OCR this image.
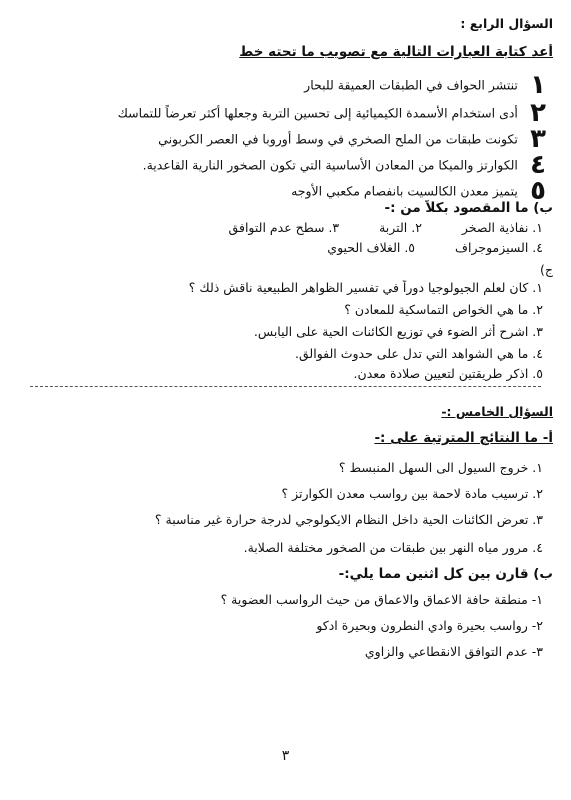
السؤال الرابع :
أعد كتابة العبارات التالية مع تصويب ما تحته خط
١ تنتشر الحواف في الطبقات العميقة للبحار
٢ أدى استخدام الأسمدة الكيميائية إلى تحسين التربة وجعلها أكثر تعرضاً للتماسك
٣ تكونت طبقات من الملح الصخري في وسط أوروبا في العصر الكربوني
٤ الكوارتز والميكا من المعادن الأساسية التي تكون الصخور النارية القاعدية.
٥ يتميز معدن الكالسيت بانفصام مكعبي الأوجه
ب) ما المقصود بكلاً من :-
١. نفاذية الصخر
٢. التربة
٣. سطح عدم التوافق
٤. السيزموجراف
٥. الغلاف الحيوي
ج)
١. كان لعلم الجيولوجيا دوراً في تفسير الظواهر الطبيعية ناقش ذلك ؟
٢. ما هي الخواص التماسكية للمعادن ؟
٣. اشرح أثر الضوء في توزيع الكائنات الحية على اليابس.
٤. ما هي الشواهد التي تدل على حدوث الفوالق.
٥. اذكر طريقتين لتعيين صلادة معدن.
السؤال الخامس :-
أ- ما النتائج المترتبة على :-
١. خروج السيول الى السهل المنبسط ؟
٢. ترسيب مادة لاحمة بين رواسب معدن الكوارتز ؟
٣. تعرض الكائنات الحية داخل النظام الايكولوجي لدرجة حرارة غير مناسبة ؟
٤. مرور مياه النهر بين طبقات من الصخور مختلفة الصلابة.
ب) قارن بين كل اثنين مما يلي:-
١- منطقة حافة الاعماق والاعماق من حيث الرواسب العضوية ؟
٢- رواسب بحيرة وادي النطرون وبحيرة ادكو
٣- عدم التوافق الانقطاعي والزاوي
٣
